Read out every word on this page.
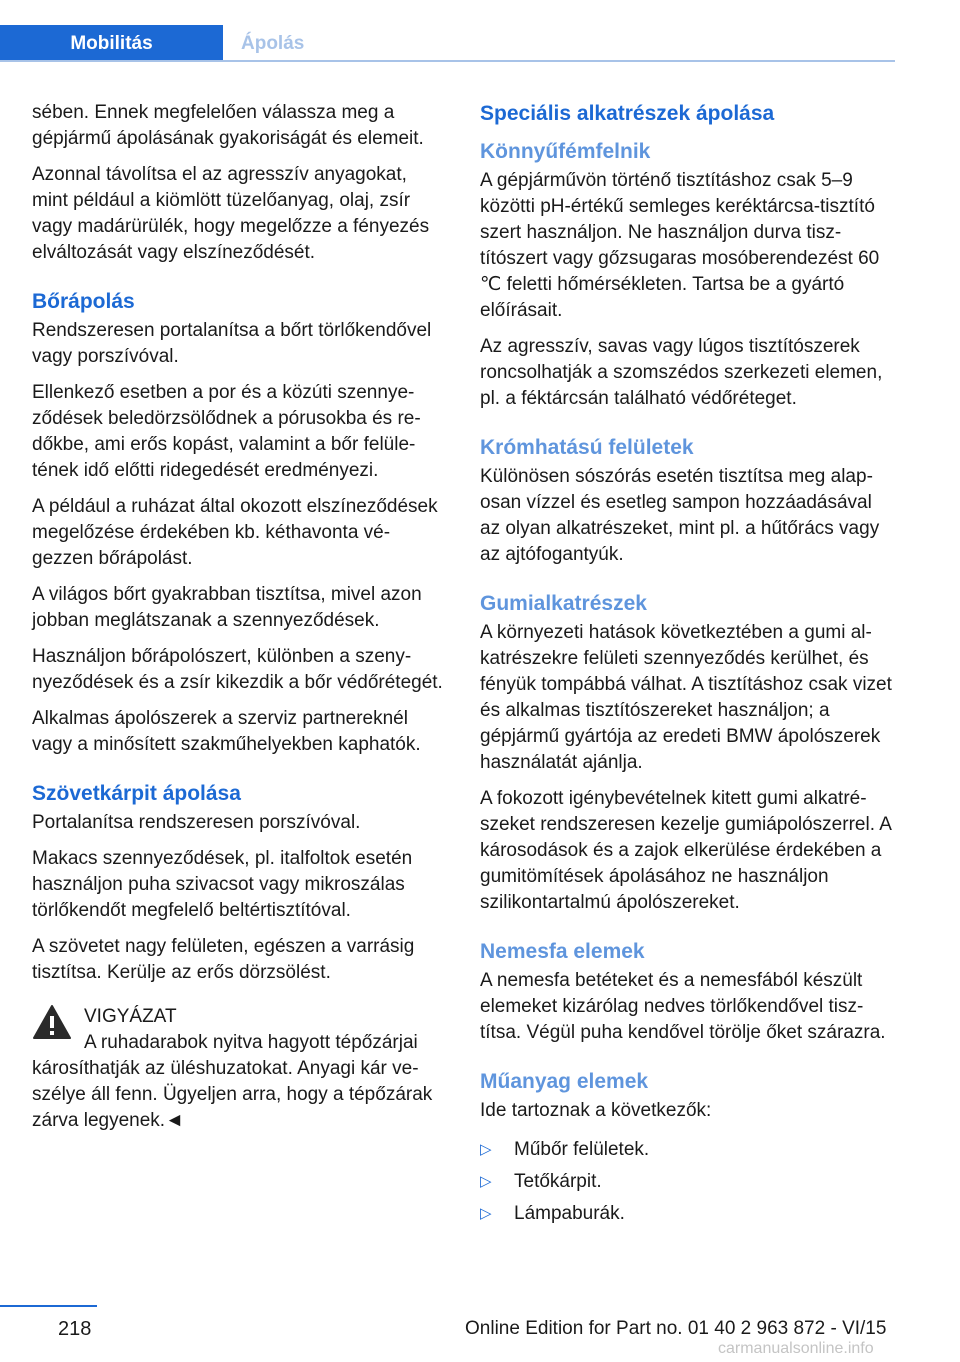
Mobilitás	Ápolás

sében. Ennek megfelelően válassza meg a gépjármű ápolásának gyakoriságát és elemeit.

Azonnal távolítsa el az agresszív anyagokat, mint például a kiömlött tüzelőanyag, olaj, zsír vagy madárürülék, hogy megelőzze a fényezés elváltozását vagy elszíneződését.

Bőrápolás

Rendszeresen portalanítsa a bőrt törlőkendővel vagy porszívóval.

Ellenkező esetben a por és a közúti szennyeződések beledörzsölődnek a pórusokba és redőkbe, ami erős kopást, valamint a bőr felületének idő előtti ridegedését eredményezi.

A például a ruházat által okozott elszíneződések megelőzése érdekében kb. kéthavonta végezzen bőrápolást.

A világos bőrt gyakrabban tisztítsa, mivel azon jobban meglátszanak a szennyeződések.

Használjon bőrápolószert, különben a szenynyeződések és a zsír kikezdik a bőr védőrétegét.

Alkalmas ápolószerek a szerviz partnereknél vagy a minősített szakműhelyekben kaphatók.

Szövetkárpit ápolása

Portalanítsa rendszeresen porszívóval.

Makacs szennyeződések, pl. italfoltok esetén használjon puha szivacsot vagy mikroszálas törlőkendőt megfelelő beltértisztítóval.

A szövetet nagy felületen, egészen a varrásig tisztítsa. Kerülje az erős dörzsölést.

VIGYÁZAT
A ruhadarabok nyitva hagyott tépőzárjai

károsíthatják az üléshuzatokat. Anyagi kár veszélye áll fenn. Ügyeljen arra, hogy a tépőzárak zárva legyenek.◄

Speciális alkatrészek ápolása
Könnyűfémfelnik

A gépjárművön történő tisztításhoz csak 5–9 közötti pH-értékű semleges keréktárcsa-tisztító szert használjon. Ne használjon durva tisztítószert vagy gőzsugaras mosóberendezést 60 ℃ feletti hőmérsékleten. Tartsa be a gyártó előírásait.

Az agresszív, savas vagy lúgos tisztítószerek roncsolhatják a szomszédos szerkezeti elemen, pl. a féktárcsán található védőréteget.

Krómhatású felületek

Különösen sószórás esetén tisztítsa meg alaposan vízzel és esetleg sampon hozzáadásával az olyan alkatrészeket, mint pl. a hűtőrács vagy az ajtófogantyúk.

Gumialkatrészek

A környezeti hatások következtében a gumi alkatrészekre felületi szennyeződés kerülhet, és fényük tompábbá válhat. A tisztításhoz csak vizet és alkalmas tisztítószereket használjon; a gépjármű gyártója az eredeti BMW ápolószerek használatát ajánlja.

A fokozott igénybevételnek kitett gumi alkatrészeket rendszeresen kezelje gumiápolószerrel. A károsodások és a zajok elkerülése érdekében a gumitömítések ápolásához ne használjon szilikontartalmú ápolószereket.

Nemesfa elemek

A nemesfa betéteket és a nemesfából készült elemeket kizárólag nedves törlőkendővel tisztítsa. Végül puha kendővel törölje őket szárazra.

Műanyag elemek

Ide tartoznak a következők:

▷	Műbőr felületek.
▷	Tetőkárpit.
▷	Lámpaburák.
218	Online Edition for Part no. 01 40 2 963 872 - VI/15
carmanualsonline.info
